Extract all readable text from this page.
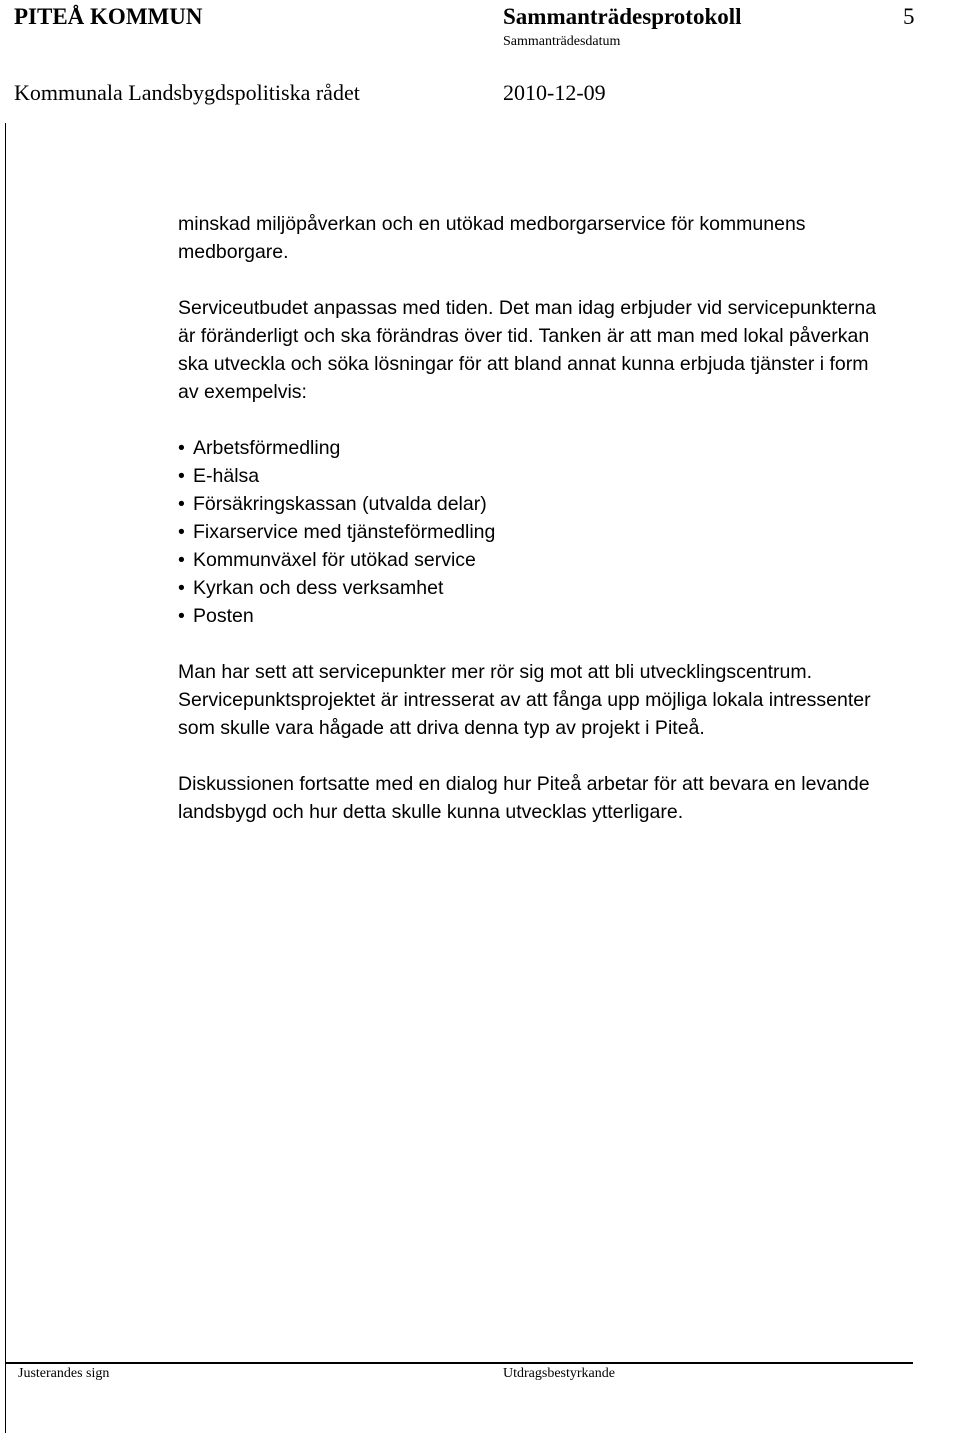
PITEÅ KOMMUN	Sammanträdesprotokoll	5
Sammanträdesdatum
Kommunala Landsbygdspolitiska rådet	2010-12-09

minskad miljöpåverkan och en utökad medborgarservice för kommunens
medborgare.

Serviceutbudet anpassas med tiden. Det man idag erbjuder vid servicepunkterna
är föränderligt och ska förändras över tid. Tanken är att man med lokal påverkan
ska utveckla och söka lösningar för att bland annat kunna erbjuda tjänster i form
av exempelvis:

• Arbetsförmedling
• E-hälsa
• Försäkringskassan (utvalda delar)
• Fixarservice med tjänsteförmedling
• Kommunväxel för utökad service
• Kyrkan och dess verksamhet
• Posten

Man har sett att servicepunkter mer rör sig mot att bli utvecklingscentrum.
Servicepunktsprojektet är intresserat av att fånga upp möjliga lokala intressenter
som skulle vara hågade att driva denna typ av projekt i Piteå.

Diskussionen fortsatte med en dialog hur Piteå arbetar för att bevara en levande
landsbygd och hur detta skulle kunna utvecklas ytterligare.

Justerandes sign	Utdragsbestyrkande
